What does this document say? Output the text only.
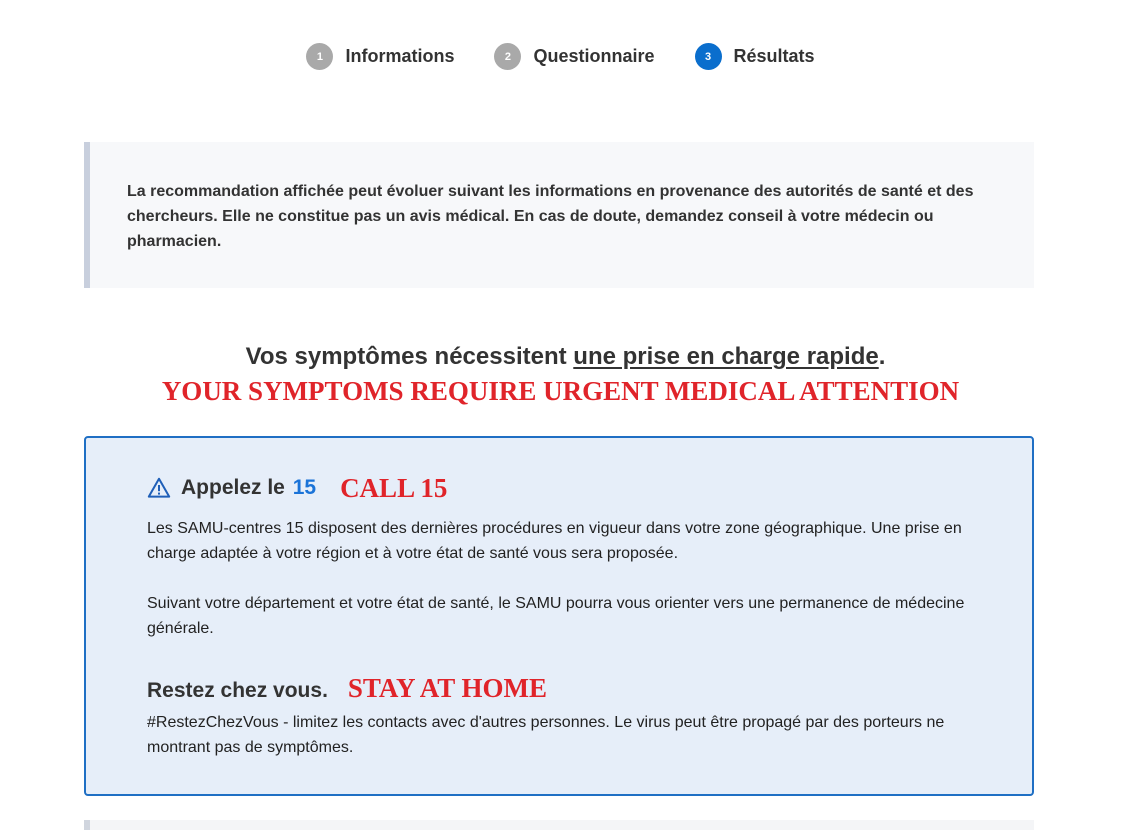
1	Informations	2	Questionnaire	3	Résultats

La recommandation affichée peut évoluer suivant les informations en provenance des autorités de santé et des chercheurs. Elle ne constitue pas un avis médical. En cas de doute, demandez conseil à votre médecin ou pharmacien.

Vos symptômes nécessitent une prise en charge rapide.
YOUR SYMPTOMS REQUIRE URGENT MEDICAL ATTENTION
Appelez le 15 CALL 15

Les SAMU-centres 15 disposent des dernières procédures en vigueur dans votre zone géographique. Une prise en charge adaptée à votre région et à votre état de santé vous sera proposée.

Suivant votre département et votre état de santé, le SAMU pourra vous orienter vers une permanence de médecine générale.

Restez chez vous. STAY AT HOME

#RestezChezVous - limitez les contacts avec d'autres personnes. Le virus peut être propagé par des porteurs ne montrant pas de symptômes.
